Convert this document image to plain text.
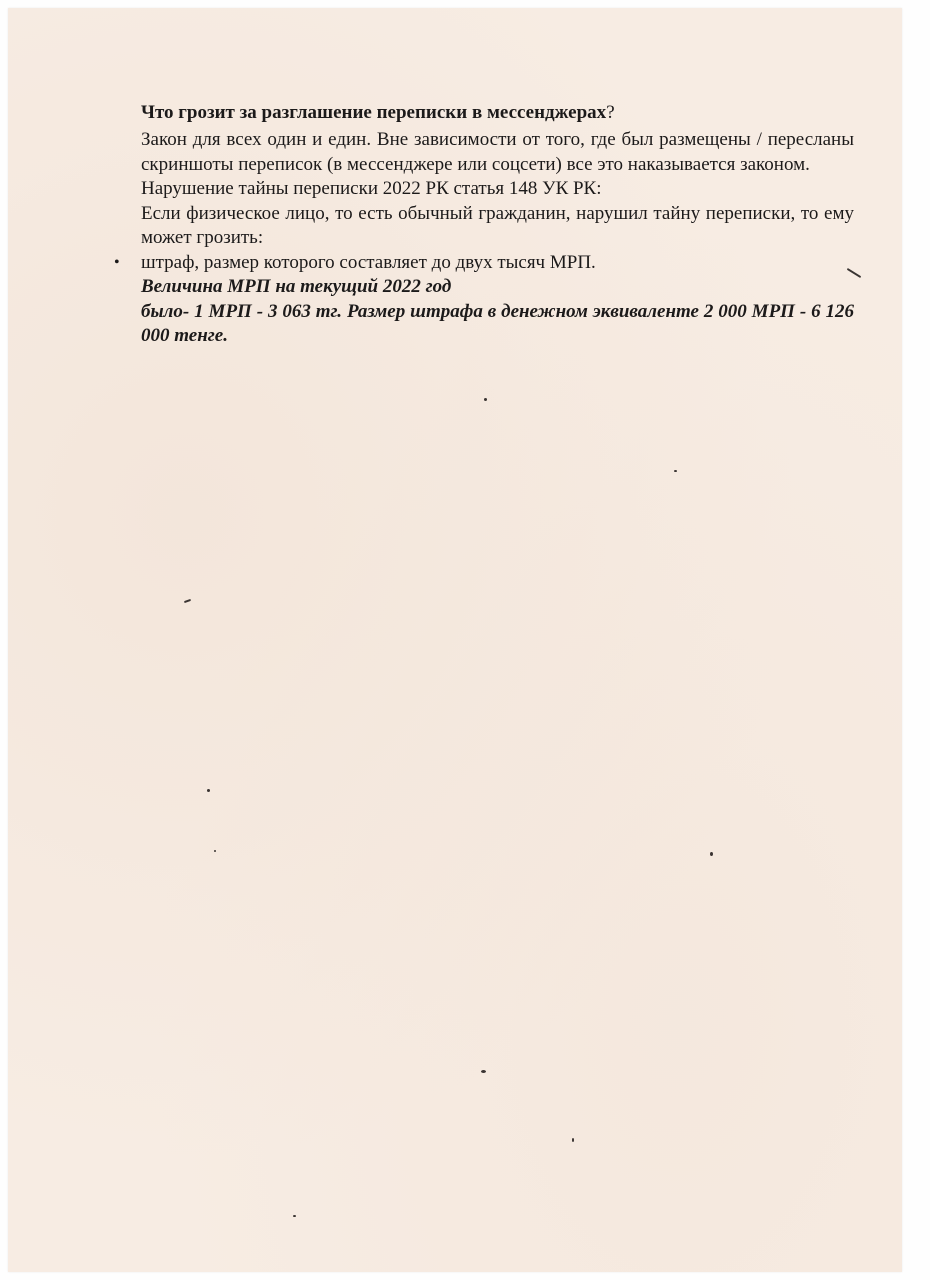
Что грозит за разглашение переписки в мессенджерах?

Закон для всех один и един. Вне зависимости от того, где был размещены / пересланы скриншоты переписок (в мессенджере или соцсети) все это наказывается законом.

Нарушение тайны переписки 2022 РК статья 148 УК РК:

Если физическое лицо, то есть обычный гражданин, нарушил тайну переписки, то ему может грозить:

• штраф, размер которого составляет до двух тысяч МРП.

Величина МРП на текущий 2022 год

было- 1 МРП - 3 063 тг. Размер штрафа в денежном эквиваленте 2 000 МРП - 6 126 000 тенге.
